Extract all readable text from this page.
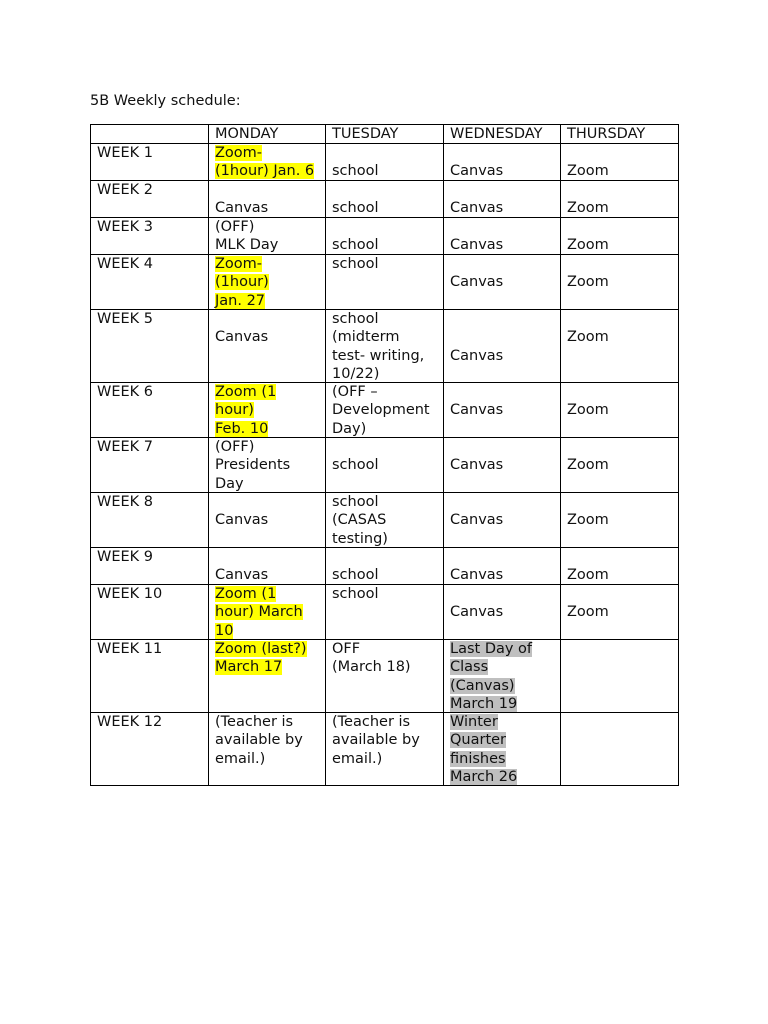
5B Weekly schedule:
	MONDAY	TUESDAY	WEDNESDAY	THURSDAY
WEEK 1	Zoom-
(1hour) Jan. 6	school	Canvas	Zoom

WEEK 2	Canvas	school	Canvas	Zoom

WEEK 3	(OFF)
MLK Day	school	Canvas	Zoom

WEEK 4	Zoom-
(1hour)
Jan. 27	school	Canvas	Zoom

WEEK 5	Canvas	school
(midterm
test- writing,
10/22)	Canvas	Zoom

WEEK 6	Zoom (1
hour)
Feb. 10	(OFF –
Development
Day)	Canvas	Zoom

WEEK 7	(OFF)
Presidents
Day	school	Canvas	Zoom

WEEK 8	Canvas	school
(CASAS
testing)	Canvas	Zoom

WEEK 9	Canvas	school	Canvas	Zoom

WEEK 10	Zoom (1
hour) March
10	school	Canvas	Zoom

WEEK 11	Zoom (last?)
March 17	OFF
(March 18)	Last Day of
Class
(Canvas)
March 19	

WEEK 12	(Teacher is
available by
email.)	(Teacher is
available by
email.)	Winter
Quarter
finishes
March 26	
